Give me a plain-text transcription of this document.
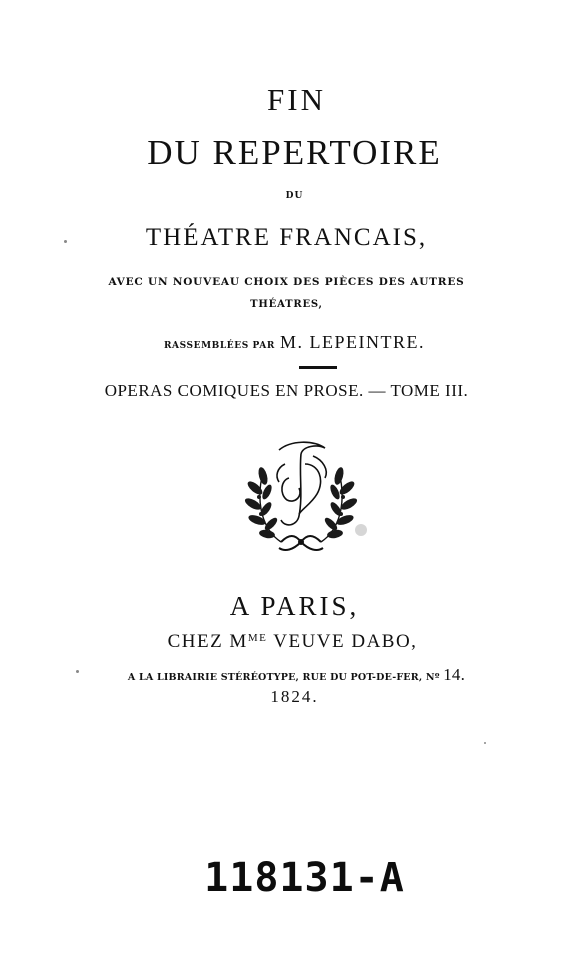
FIN
DU REPERTOIRE
DU
THÉATRE FRANCAIS,
AVEC UN NOUVEAU CHOIX DES PIÈCES DES AUTRES
THÉATRES,
RASSEMBLÉES PAR M. LEPEINTRE.
OPERAS COMIQUES EN PROSE. — TOME III.
A PARIS,
CHEZ $M^{ME}$ VEUVE DABO,
A LA LIBRAIRIE STÉRÉOTYPE, RUE DU POT-DE-FER, Nº 14.
1824.
118131-A
